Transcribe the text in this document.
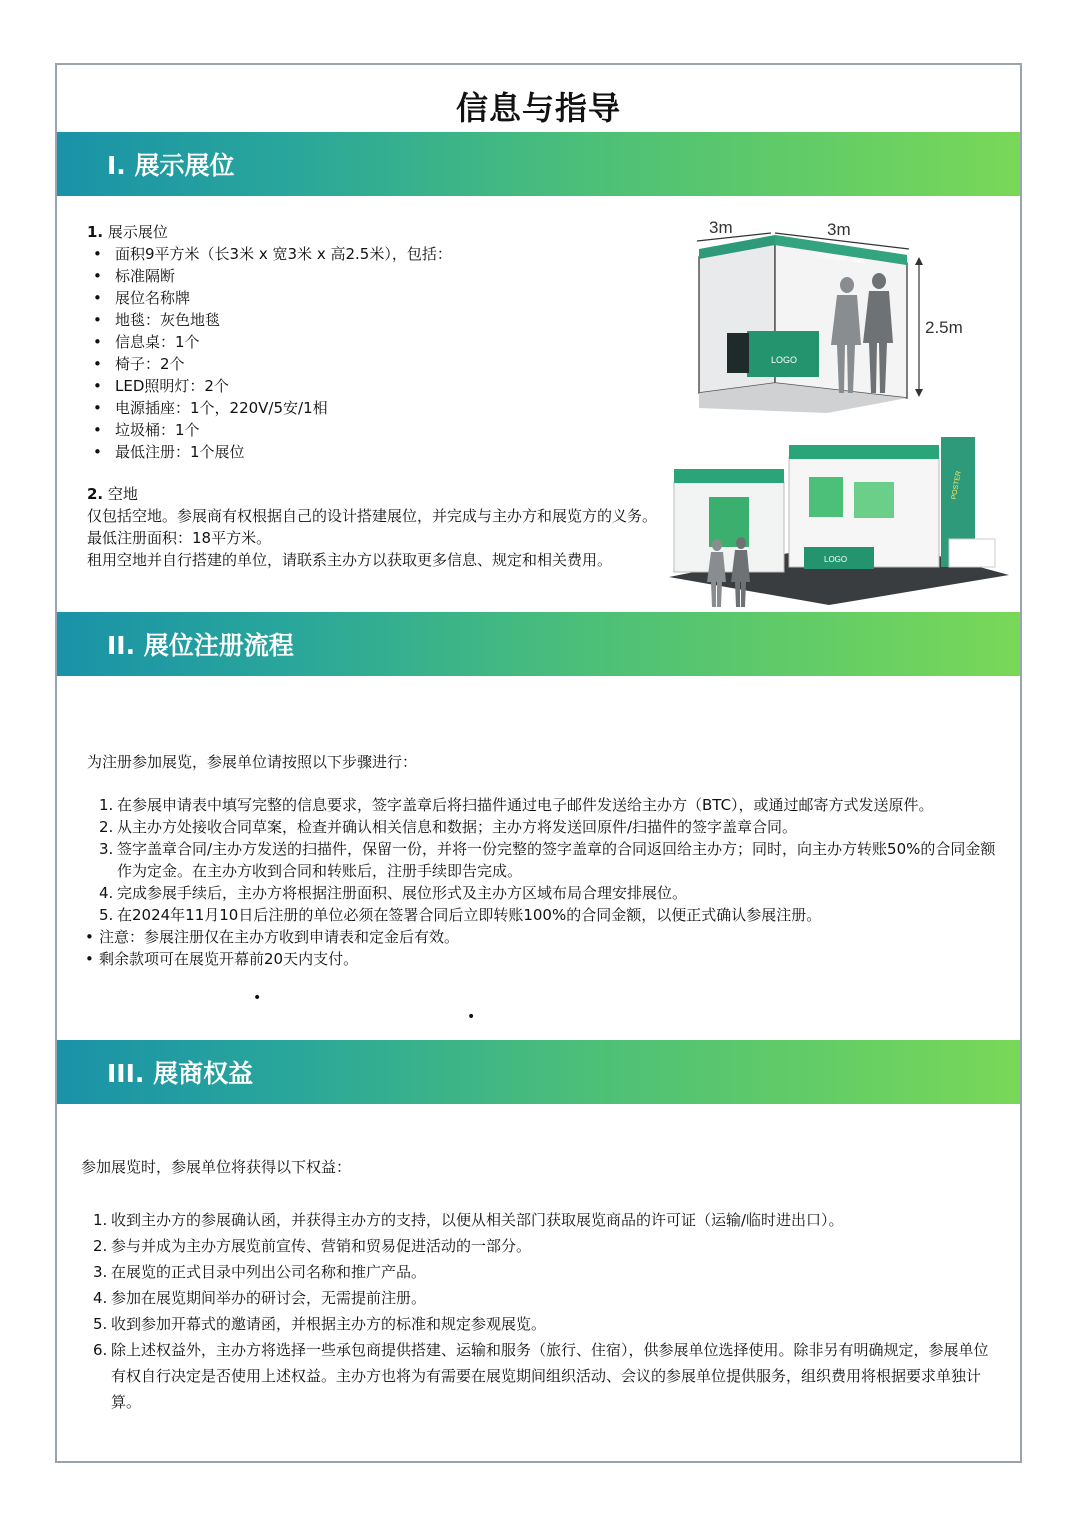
信息与指导
I. 展示展位
1. 展示展位
• 面积9平方米（长3米 x 宽3米 x 高2.5米），包括：
• 标准隔断
• 展位名称牌
• 地毯：灰色地毯
• 信息桌：1个
• 椅子：2个
• LED照明灯：2个
• 电源插座：1个，220V/5安/1相
• 垃圾桶：1个
• 最低注册：1个展位
2. 空地
仅包括空地。参展商有权根据自己的设计搭建展位，并完成与主办方和展览方的义务。最低注册面积：18平方米。
租用空地并自行搭建的单位，请联系主办方以获取更多信息、规定和相关费用。
3m	3m
2.5m
COMPANY NAME
LOGO
POSTER
LOGO
II. 展位注册流程
为注册参加展览，参展单位请按照以下步骤进行：
1. 在参展申请表中填写完整的信息要求，签字盖章后将扫描件通过电子邮件发送给主办方（BTC），或通过邮寄方式发送原件。
2. 从主办方处接收合同草案，检查并确认相关信息和数据；主办方将发送回原件/扫描件的签字盖章合同。
3. 签字盖章合同/主办方发送的扫描件，保留一份，并将一份完整的签字盖章的合同返回给主办方；同时，向主办方转账50%的合同金额作为定金。在主办方收到合同和转账后，注册手续即告完成。
4. 完成参展手续后，主办方将根据注册面积、展位形式及主办方区域布局合理安排展位。
5. 在2024年11月10日后注册的单位必须在签署合同后立即转账100%的合同金额，以便正式确认参展注册。
• 注意：参展注册仅在主办方收到申请表和定金后有效。
• 剩余款项可在展览开幕前20天内支付。
•
•
III. 展商权益
参加展览时，参展单位将获得以下权益：
1. 收到主办方的参展确认函，并获得主办方的支持，以便从相关部门获取展览商品的许可证（运输/临时进出口）。
2. 参与并成为主办方展览前宣传、营销和贸易促进活动的一部分。
3. 在展览的正式目录中列出公司名称和推广产品。
4. 参加在展览期间举办的研讨会，无需提前注册。
5. 收到参加开幕式的邀请函，并根据主办方的标准和规定参观展览。
6. 除上述权益外，主办方将选择一些承包商提供搭建、运输和服务（旅行、住宿），供参展单位选择使用。除非另有明确规定，参展单位有权自行决定是否使用上述权益。主办方也将为有需要在展览期间组织活动、会议的参展单位提供服务，组织费用将根据要求单独计算。
